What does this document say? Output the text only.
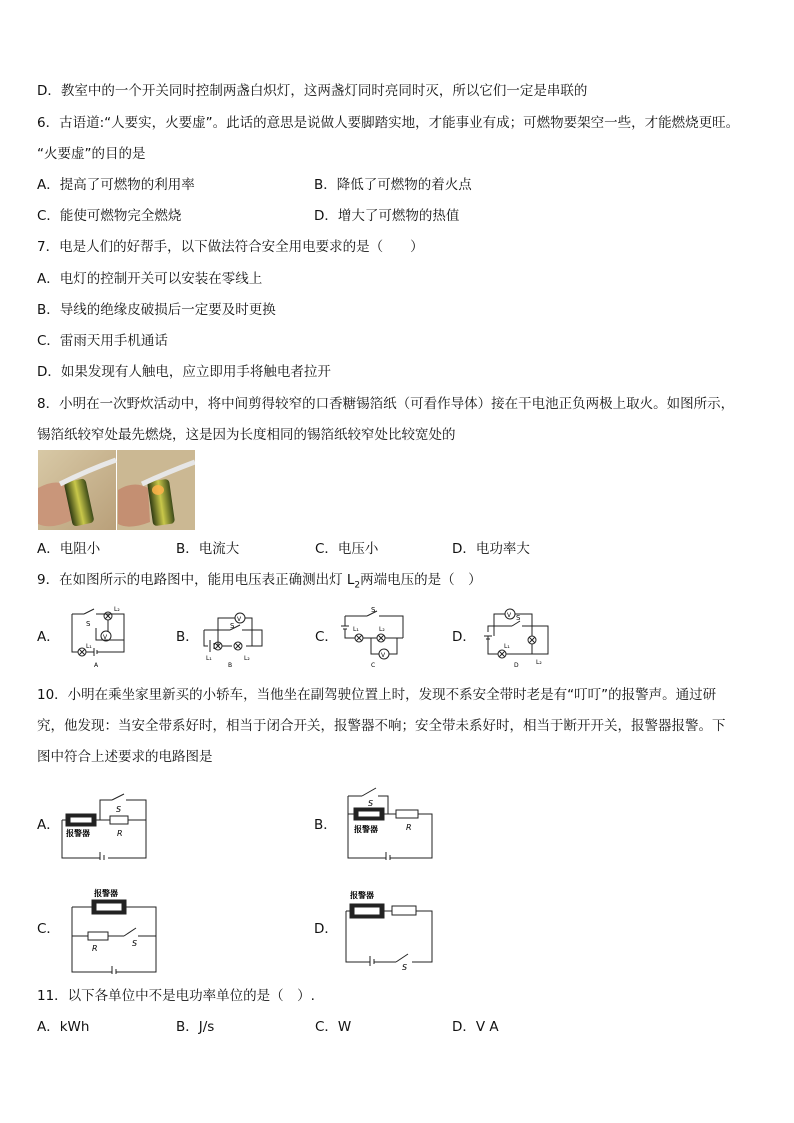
D．教室中的一个开关同时控制两盏白炽灯，这两盏灯同时亮同时灭，所以它们一定是串联的
6．古语道:“人要实，火要虚”。此话的意思是说做人要脚踏实地，才能事业有成；可燃物要架空一些，才能燃烧更旺。
“火要虚”的目的是
A．提高了可燃物的利用率	B．降低了可燃物的着火点
C．能使可燃物完全燃烧	D．增大了可燃物的热值
7．电是人们的好帮手，以下做法符合安全用电要求的是（　　）
A．电灯的控制开关可以安装在零线上
B．导线的绝缘皮破损后一定要及时更换
C．雷雨天用手机通话
D．如果发现有人触电，应立即用手将触电者拉开
8．小明在一次野炊活动中，将中间剪得较窄的口香糖锡箔纸（可看作导体）接在干电池正负两极上取火。如图所示，
锡箔纸较窄处最先燃烧，这是因为长度相同的锡箔纸较窄处比较宽处的
A．电阻小	B．电流大	C．电压小	D．电功率大
9．在如图所示的电路图中，能用电压表正确测出灯 $L_2$两端电压的是（　）
A．	B．	C．	D．
S
L₂
V
L₁
A
V
S
L₁	L₂
B
S
L₁	L₂
V
C
V S
L₁
L₂
D
10．小明在乘坐家里新买的小轿车，当他坐在副驾驶位置上时，发现不系安全带时老是有“叮叮”的报警声。通过研
究，他发现：当安全带系好时，相当于闭合开关，报警器不响；安全带未系好时，相当于断开开关，报警器报警。下
图中符合上述要求的电路图是
A．	B．
C．	D．
报警器
S
R
S
报警器	R
报警器
R
S
报警器
S
11．以下各单位中不是电功率单位的是（　）.
A．kWh	B．J/s	C．W	D．V A
